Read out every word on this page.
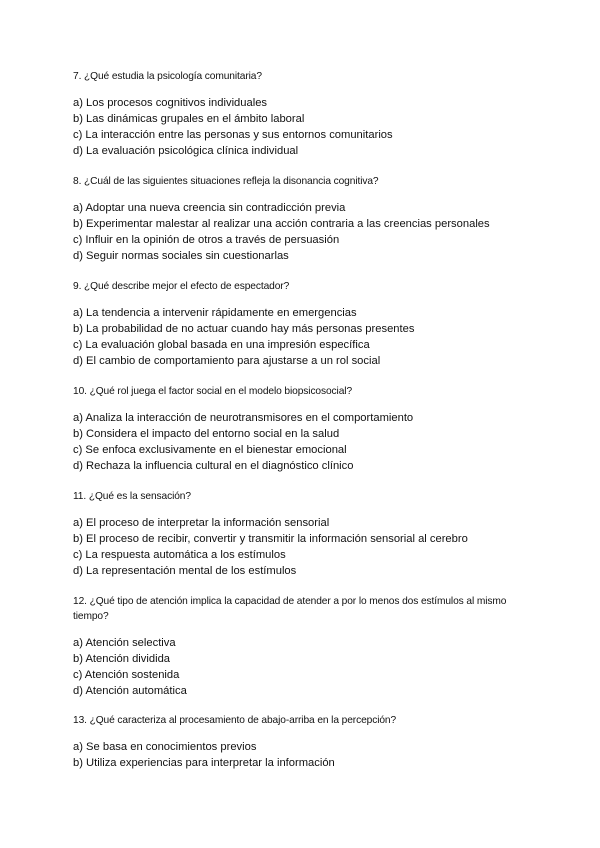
7. ¿Qué estudia la psicología comunitaria?

a) Los procesos cognitivos individuales

b) Las dinámicas grupales en el ámbito laboral

c) La interacción entre las personas y sus entornos comunitarios

d) La evaluación psicológica clínica individual

8. ¿Cuál de las siguientes situaciones refleja la disonancia cognitiva?

a) Adoptar una nueva creencia sin contradicción previa

b) Experimentar malestar al realizar una acción contraria a las creencias personales

c) Influir en la opinión de otros a través de persuasión

d) Seguir normas sociales sin cuestionarlas

9. ¿Qué describe mejor el efecto de espectador?

a) La tendencia a intervenir rápidamente en emergencias

b) La probabilidad de no actuar cuando hay más personas presentes

c) La evaluación global basada en una impresión específica

d) El cambio de comportamiento para ajustarse a un rol social

10. ¿Qué rol juega el factor social en el modelo biopsicosocial?

a) Analiza la interacción de neurotransmisores en el comportamiento

b) Considera el impacto del entorno social en la salud

c) Se enfoca exclusivamente en el bienestar emocional

d) Rechaza la influencia cultural en el diagnóstico clínico

11. ¿Qué es la sensación?

a) El proceso de interpretar la información sensorial

b) El proceso de recibir, convertir y transmitir la información sensorial al cerebro

c) La respuesta automática a los estímulos

d) La representación mental de los estímulos

12. ¿Qué tipo de atención implica la capacidad de atender a por lo menos dos estímulos al mismo tiempo?

a) Atención selectiva

b) Atención dividida

c) Atención sostenida

d) Atención automática

13. ¿Qué caracteriza al procesamiento de abajo-arriba en la percepción?

a) Se basa en conocimientos previos

b) Utiliza experiencias para interpretar la información
